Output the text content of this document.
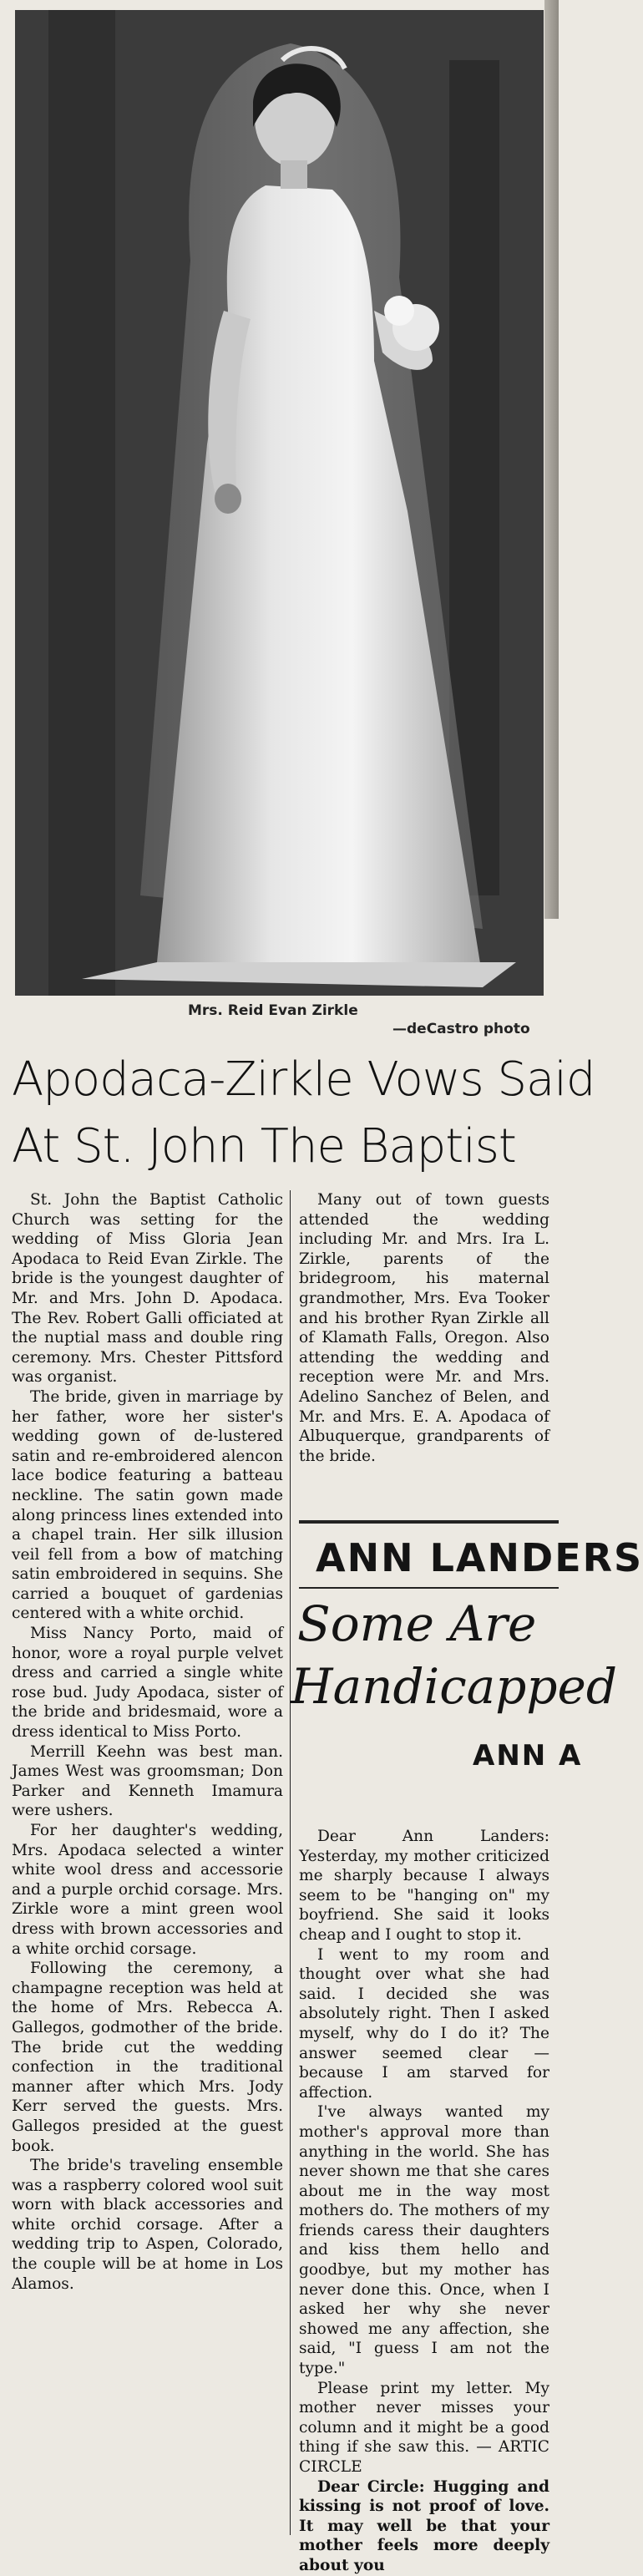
Mrs. Reid Evan Zirkle
—deCastro photo
Apodaca-Zirkle Vows Said
At St. John The Baptist

St. John the Baptist Catholic Church was setting for the wedding of Miss Gloria Jean Apodaca to Reid Evan Zirkle. The bride is the youngest daughter of Mr. and Mrs. John D. Apodaca. The Rev. Robert Galli officiated at the nuptial mass and double ring ceremony. Mrs. Chester Pittsford was organist.

The bride, given in marriage by her father, wore her sister's wedding gown of de-lustered satin and re-embroidered alencon lace bodice featuring a batteau neckline. The satin gown made along princess lines extended into a chapel train. Her silk illusion veil fell from a bow of matching satin embroidered in sequins. She carried a bouquet of gardenias centered with a white orchid.

Miss Nancy Porto, maid of honor, wore a royal purple velvet dress and carried a single white rose bud. Judy Apodaca, sister of the bride and bridesmaid, wore a dress identical to Miss Porto.

Merrill Keehn was best man. James West was groomsman; Don Parker and Kenneth Imamura were ushers.

For her daughter's wedding, Mrs. Apodaca selected a winter white wool dress and accessorie and a purple orchid corsage. Mrs. Zirkle wore a mint green wool dress with brown accessories and a white orchid corsage.

Following the ceremony, a champagne reception was held at the home of Mrs. Rebecca A. Gallegos, godmother of the bride. The bride cut the wedding confection in the traditional manner after which Mrs. Jody Kerr served the guests. Mrs. Gallegos presided at the guest book.

The bride's traveling ensemble was a raspberry colored wool suit worn with black accessories and white orchid corsage. After a wedding trip to Aspen, Colorado, the couple will be at home in Los Alamos.

Many out of town guests attended the wedding including Mr. and Mrs. Ira L. Zirkle, parents of the bridegroom, his maternal grandmother, Mrs. Eva Tooker and his brother Ryan Zirkle all of Klamath Falls, Oregon. Also attending the wedding and reception were Mr. and Mrs. Adelino Sanchez of Belen, and Mr. and Mrs. E. A. Apodaca of Albuquerque, grandparents of the bride.

ANN LANDERS
Some Are
Handicapped
ANN A

Dear Ann Landers: Yesterday, my mother criticized me sharply because I always seem to be "hanging on" my boyfriend. She said it looks cheap and I ought to stop it.

I went to my room and thought over what she had said. I decided she was absolutely right. Then I asked myself, why do I do it? The answer seemed clear — because I am starved for affection.

I've always wanted my mother's approval more than anything in the world. She has never shown me that she cares about me in the way most mothers do. The mothers of my friends caress their daughters and kiss them hello and goodbye, but my mother has never done this. Once, when I asked her why she never showed me any affection, she said, "I guess I am not the type."

Please print my letter. My mother never misses your column and it might be a good thing if she saw this. — ARTIC CIRCLE

Dear Circle: Hugging and kissing is not proof of love. It may well be that your mother feels more deeply about you
